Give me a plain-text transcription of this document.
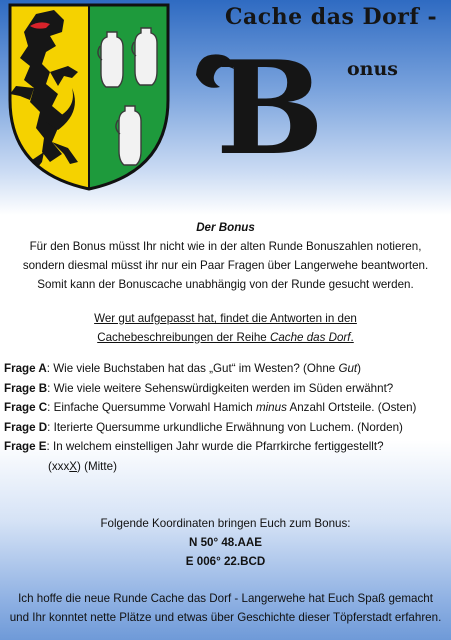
Cache das Dorf -
B onus
Der Bonus
Für den Bonus müsst Ihr nicht wie in der alten Runde Bonuszahlen notieren,
sondern diesmal müsst ihr nur ein Paar Fragen über Langerwehe beantworten.
Somit kann der Bonuscache unabhängig von der Runde gesucht werden.
Wer gut aufgepasst hat, findet die Antworten in den
Cachebeschreibungen der Reihe Cache das Dorf.
Frage A: Wie viele Buchstaben hat das „Gut“ im Westen? (Ohne Gut)
Frage B: Wie viele weitere Sehenswürdigkeiten werden im Süden erwähnt?
Frage C: Einfache Quersumme Vorwahl Hamich minus Anzahl Ortsteile. (Osten)
Frage D: Iterierte Quersumme urkundliche Erwähnung von Luchem. (Norden)
Frage E: In welchem einstelligen Jahr wurde die Pfarrkirche fertiggestellt?
(xxxX) (Mitte)
Folgende Koordinaten bringen Euch zum Bonus:
N 50° 48.AAE
E 006° 22.BCD
Ich hoffe die neue Runde Cache das Dorf - Langerwehe hat Euch Spaß gemacht
und Ihr konntet nette Plätze und etwas über Geschichte dieser Töpferstadt erfahren.
